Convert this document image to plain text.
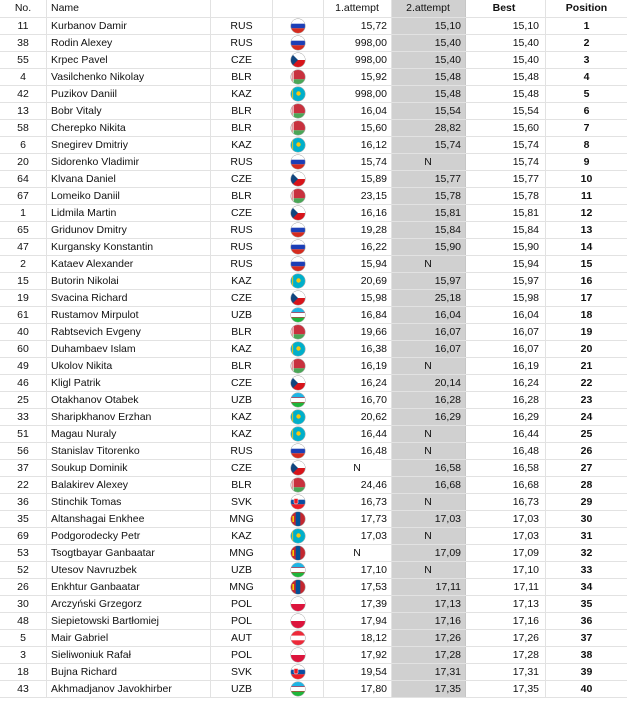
No.	Name			1.attempt	2.attempt	Best	Position
11	Kurbanov Damir	RUS		15,72	15,10	15,10	1
38	Rodin Alexey	RUS		998,00	15,40	15,40	2
55	Krpec Pavel	CZE		998,00	15,40	15,40	3
4	Vasilchenko Nikolay	BLR		15,92	15,48	15,48	4
42	Puzikov Daniil	KAZ		998,00	15,48	15,48	5
13	Bobr Vitaly	BLR		16,04	15,54	15,54	6
58	Cherepko Nikita	BLR		15,60	28,82	15,60	7
6	Snegirev Dmitriy	KAZ		16,12	15,74	15,74	8
20	Sidorenko Vladimir	RUS		15,74	N	15,74	9
64	Klvana Daniel	CZE		15,89	15,77	15,77	10
67	Lomeiko Daniil	BLR		23,15	15,78	15,78	11
1	Lidmila Martin	CZE		16,16	15,81	15,81	12
65	Gridunov Dmitry	RUS		19,28	15,84	15,84	13
47	Kurgansky Konstantin	RUS		16,22	15,90	15,90	14
2	Kataev Alexander	RUS		15,94	N	15,94	15
15	Butorin Nikolai	KAZ		20,69	15,97	15,97	16
19	Svacina Richard	CZE		15,98	25,18	15,98	17
61	Rustamov Mirpulot	UZB		16,84	16,04	16,04	18
40	Rabtsevich Evgeny	BLR		19,66	16,07	16,07	19
60	Duhambaev Islam	KAZ		16,38	16,07	16,07	20
49	Ukolov Nikita	BLR		16,19	N	16,19	21
46	Kligl Patrik	CZE		16,24	20,14	16,24	22
25	Otakhanov Otabek	UZB		16,70	16,28	16,28	23
33	Sharipkhanov Erzhan	KAZ		20,62	16,29	16,29	24
51	Magau Nuraly	KAZ		16,44	N	16,44	25
56	Stanislav Titorenko	RUS		16,48	N	16,48	26
37	Soukup Dominik	CZE		N	16,58	16,58	27
22	Balakirev Alexey	BLR		24,46	16,68	16,68	28
36	Stinchik Tomas	SVK		16,73	N	16,73	29
35	Altanshagai Enkhee	MNG		17,73	17,03	17,03	30
69	Podgorodecky Petr	KAZ		17,03	N	17,03	31
53	Tsogtbayar Ganbaatar	MNG		N	17,09	17,09	32
52	Utesov Navruzbek	UZB		17,10	N	17,10	33
26	Enkhtur Ganbaatar	MNG		17,53	17,11	17,11	34
30	Arczyński Grzegorz	POL		17,39	17,13	17,13	35
48	Siepietowski Bartłomiej	POL		17,94	17,16	17,16	36
5	Mair Gabriel	AUT		18,12	17,26	17,26	37
3	Sieliwoniuk Rafał	POL		17,92	17,28	17,28	38
18	Bujna Richard	SVK		19,54	17,31	17,31	39
43	Akhmadjanov Javokhirber	UZB		17,80	17,35	17,35	40
